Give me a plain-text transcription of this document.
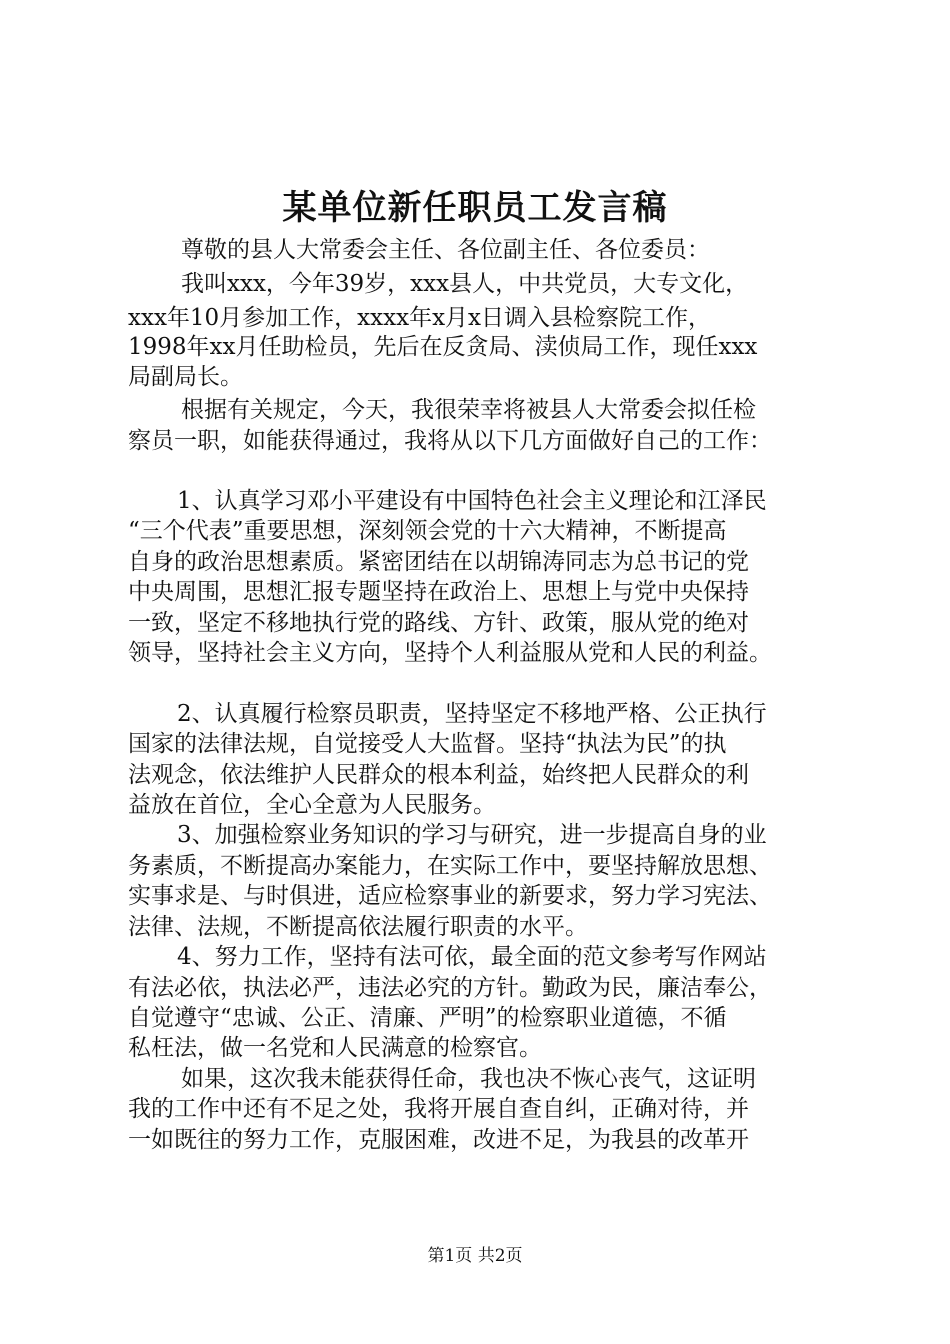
某单位新任职员工发言稿
尊敬的县人大常委会主任、各位副主任、各位委员：
我叫xxx，今年39岁，xxx县人，中共党员，大专文化，
xxx年10月参加工作，xxxx年x月x日调入县检察院工作，
1998年xx月任助检员，先后在反贪局、渎侦局工作，现任xxx
局副局长。
根据有关规定，今天，我很荣幸将被县人大常委会拟任检
察员一职，如能获得通过，我将从以下几方面做好自己的工作：
1、认真学习邓小平建设有中国特色社会主义理论和江泽民
“三个代表”重要思想，深刻领会党的十六大精神，不断提高
自身的政治思想素质。紧密团结在以胡锦涛同志为总书记的党
中央周围，思想汇报专题坚持在政治上、思想上与党中央保持
一致，坚定不移地执行党的路线、方针、政策，服从党的绝对
领导，坚持社会主义方向，坚持个人利益服从党和人民的利益。
2、认真履行检察员职责，坚持坚定不移地严格、公正执行
国家的法律法规，自觉接受人大监督。坚持“执法为民”的执
法观念，依法维护人民群众的根本利益，始终把人民群众的利
益放在首位，全心全意为人民服务。
3、加强检察业务知识的学习与研究，进一步提高自身的业
务素质，不断提高办案能力，在实际工作中，要坚持解放思想、
实事求是、与时俱进，适应检察事业的新要求，努力学习宪法、
法律、法规，不断提高依法履行职责的水平。
4、努力工作，坚持有法可依，最全面的范文参考写作网站
有法必依，执法必严，违法必究的方针。勤政为民，廉洁奉公，
自觉遵守“忠诚、公正、清廉、严明”的检察职业道德，不循
私枉法，做一名党和人民满意的检察官。
如果，这次我未能获得任命，我也决不恢心丧气，这证明
我的工作中还有不足之处，我将开展自查自纠，正确对待，并
一如既往的努力工作，克服困难，改进不足，为我县的改革开
第1页 共2页
